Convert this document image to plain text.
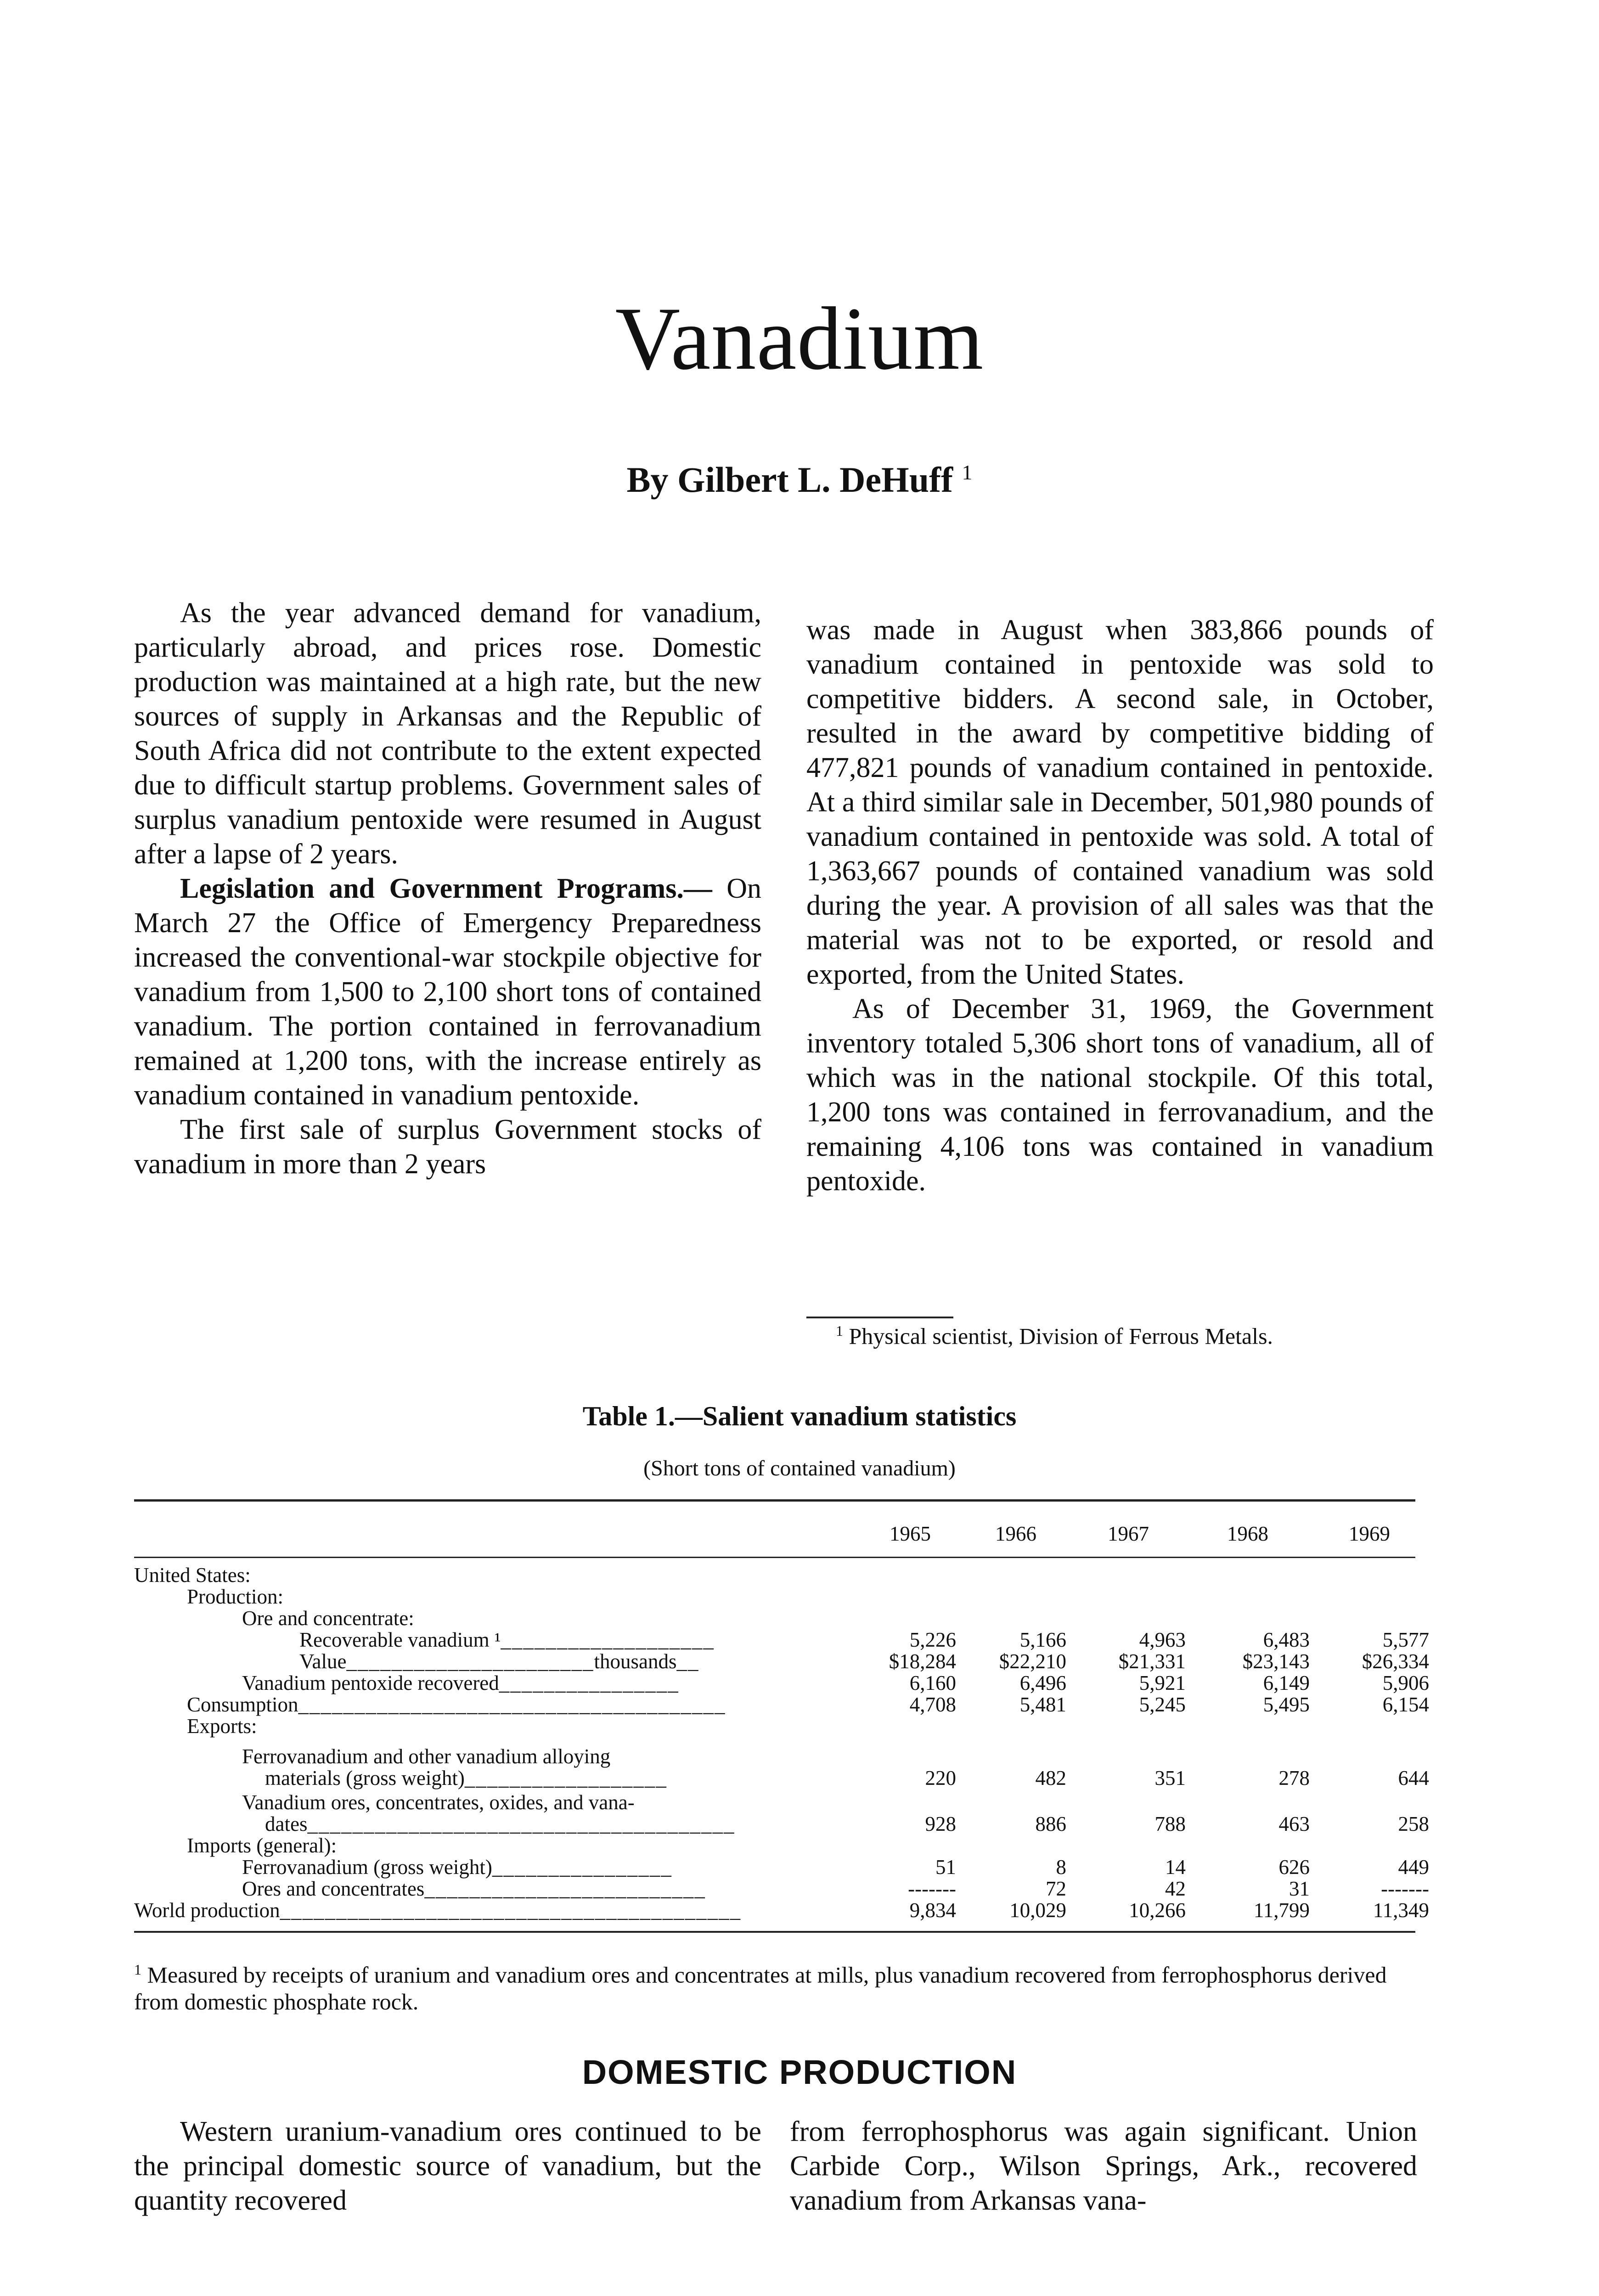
Vanadium
By Gilbert L. DeHuff $^1$

As the year advanced demand for vanadium, particularly abroad, and prices rose. Domestic production was maintained at a high rate, but the new sources of supply in Arkansas and the Republic of South Africa did not contribute to the extent expected due to difficult startup problems. Government sales of surplus vanadium pentoxide were resumed in August after a lapse of 2 years.

Legislation and Government Programs.— On March 27 the Office of Emergency Preparedness increased the conventional-war stockpile objective for vanadium from 1,500 to 2,100 short tons of contained vanadium. The portion contained in ferrovanadium remained at 1,200 tons, with the increase entirely as vanadium contained in vanadium pentoxide.

The first sale of surplus Government stocks of vanadium in more than 2 years

was made in August when 383,866 pounds of vanadium contained in pentoxide was sold to competitive bidders. A second sale, in October, resulted in the award by competitive bidding of 477,821 pounds of vanadium contained in pentoxide. At a third similar sale in December, 501,980 pounds of vanadium contained in pentoxide was sold. A total of 1,363,667 pounds of contained vanadium was sold during the year. A provision of all sales was that the material was not to be exported, or resold and exported, from the United States.

As of December 31, 1969, the Government inventory totaled 5,306 short tons of vanadium, all of which was in the national stockpile. Of this total, 1,200 tons was contained in ferrovanadium, and the remaining 4,106 tons was contained in vanadium pentoxide.

$^1$ Physical scientist, Division of Ferrous Metals.
Table 1.—Salient vanadium statistics
(Short tons of contained vanadium)
1965	1966	1967	1968	1969
United States:
Production:
Ore and concentrate:
Recoverable vanadium ¹___________________	5,226	5,166	4,963	6,483	5,577
Value______________________thousands__	$18,284	$22,210	$21,331	$23,143	$26,334
Vanadium pentoxide recovered________________	6,160	6,496	5,921	6,149	5,906
Consumption______________________________________	4,708	5,481	5,245	5,495	6,154
Exports:
Ferrovanadium and other vanadium alloying
materials (gross weight)__________________	220	482	351	278	644
Vanadium ores, concentrates, oxides, and vana-
dates______________________________________	928	886	788	463	258
Imports (general):
Ferrovanadium (gross weight)________________	51	8	14	626	449
Ores and concentrates_________________________	-------	72	42	31	-------
World production_________________________________________	9,834	10,029	10,266	11,799	11,349
$^1$ Measured by receipts of uranium and vanadium ores and concentrates at mills, plus vanadium recovered from ferrophosphorus derived from domestic phosphate rock.
DOMESTIC PRODUCTION

Western uranium-vanadium ores continued to be the principal domestic source of vanadium, but the quantity recovered

from ferrophosphorus was again significant. Union Carbide Corp., Wilson Springs, Ark., recovered vanadium from Arkansas vana-
